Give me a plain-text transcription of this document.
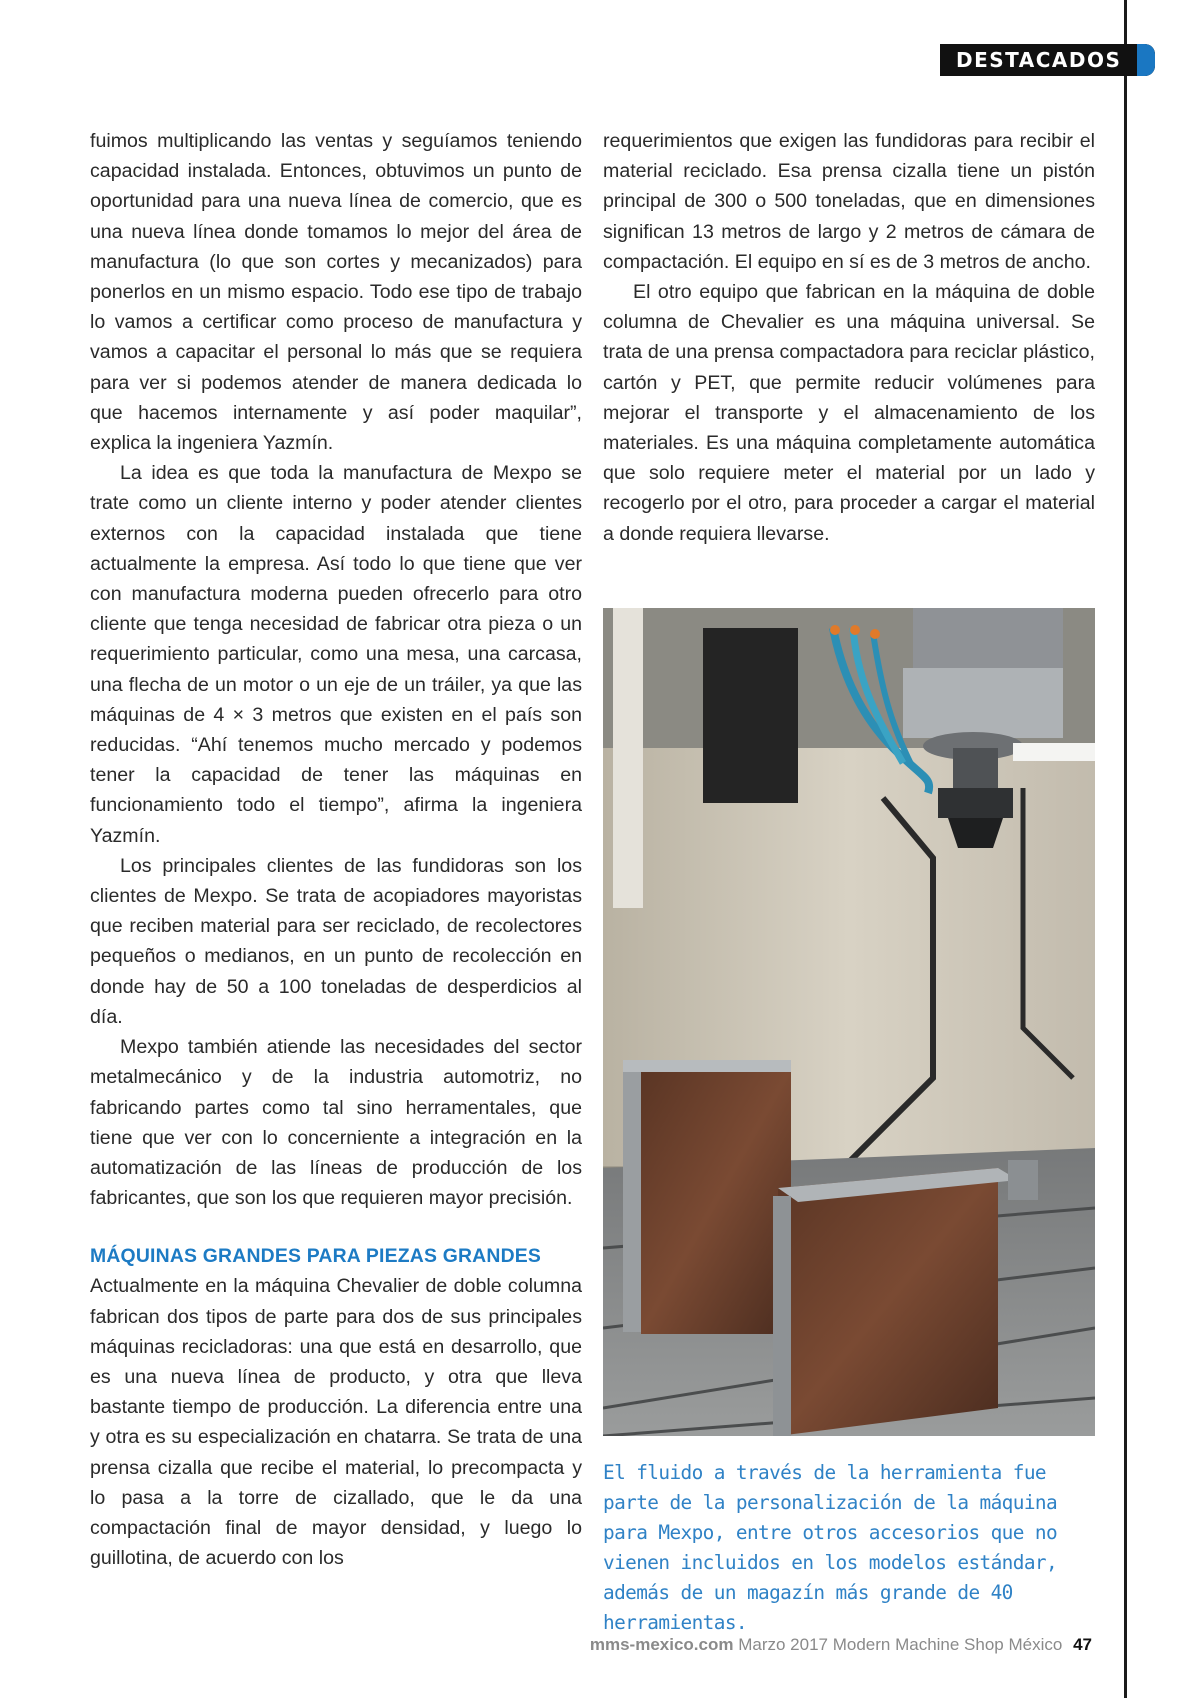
DESTACADOS

fuimos multiplicando las ventas y seguíamos teniendo capacidad instalada. Entonces, obtuvimos un punto de oportunidad para una nueva línea de comercio, que es una nueva línea donde tomamos lo mejor del área de manufactura (lo que son cortes y mecanizados) para ponerlos en un mismo espacio. Todo ese tipo de trabajo lo vamos a certificar como proceso de manufactura y vamos a capacitar el personal lo más que se requiera para ver si podemos atender de manera dedicada lo que hacemos internamente y así poder maquilar”, explica la ingeniera Yazmín.

La idea es que toda la manufactura de Mexpo se trate como un cliente interno y poder atender clientes externos con la capacidad instalada que tiene actualmente la empresa. Así todo lo que tiene que ver con manufactura moderna pueden ofrecerlo para otro cliente que tenga necesidad de fabricar otra pieza o un requerimiento particular, como una mesa, una carcasa, una flecha de un motor o un eje de un tráiler, ya que las máquinas de 4 × 3 metros que existen en el país son reducidas. “Ahí tenemos mucho mercado y podemos tener la capacidad de tener las máquinas en funcionamiento todo el tiempo”, afirma la ingeniera Yazmín.

Los principales clientes de las fundidoras son los clientes de Mexpo. Se trata de acopiadores mayoristas que reciben material para ser reciclado, de recolectores pequeños o medianos, en un punto de recolección en donde hay de 50 a 100 toneladas de desperdicios al día.

Mexpo también atiende las necesidades del sector metalmecánico y de la industria automotriz, no fabricando partes como tal sino herramentales, que tiene que ver con lo concerniente a integración en la automatización de las líneas de producción de los fabricantes, que son los que requieren mayor precisión.

MÁQUINAS GRANDES PARA PIEZAS GRANDES

Actualmente en la máquina Chevalier de doble columna fabrican dos tipos de parte para dos de sus principales máquinas recicladoras: una que está en desarrollo, que es una nueva línea de producto, y otra que lleva bastante tiempo de producción. La diferencia entre una y otra es su especialización en chatarra. Se trata de una prensa cizalla que recibe el material, lo precompacta y lo pasa a la torre de cizallado, que le da una compactación final de mayor densidad, y luego lo guillotina, de acuerdo con los

requerimientos que exigen las fundidoras para recibir el material reciclado. Esa prensa cizalla tiene un pistón principal de 300 o 500 toneladas, que en dimensiones significan 13 metros de largo y 2 metros de cámara de compactación. El equipo en sí es de 3 metros de ancho.

El otro equipo que fabrican en la máquina de doble columna de Chevalier es una máquina universal. Se trata de una prensa compactadora para reciclar plástico, cartón y PET, que permite reducir volúmenes para mejorar el transporte y el almacenamiento de los materiales. Es una máquina completamente automática que solo requiere meter el material por un lado y recogerlo por el otro, para proceder a cargar el material a donde requiera llevarse.

El fluido a través de la herramienta fue parte de la personalización de la máquina para Mexpo, entre otros accesorios que no vienen incluidos en los modelos estándar, además de un magazín más grande de 40 herramientas.

mms-mexico.com Marzo 2017 Modern Machine Shop México 47
